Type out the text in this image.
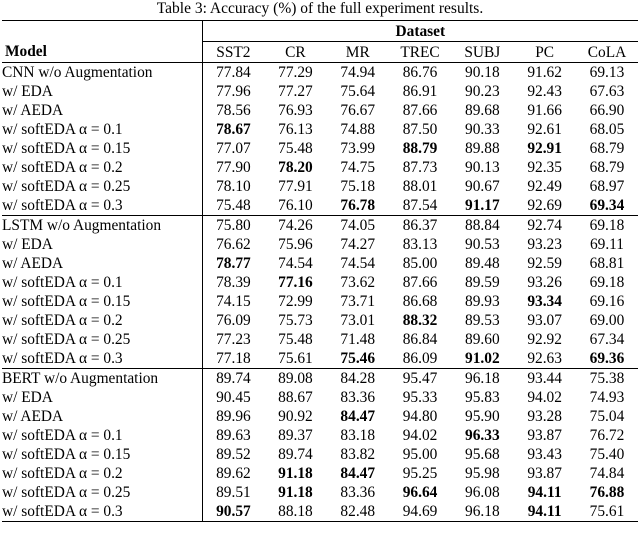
Table 3: Accuracy (%) of the full experiment results.
	Dataset						
Model	SST2	CR	MR	TREC	SUBJ	PC	CoLA
CNN w/o Augmentation	77.84	77.29	74.94	86.76	90.18	91.62	69.13
w/ EDA	77.96	77.27	75.64	86.91	90.23	92.43	67.63
w/ AEDA	78.56	76.93	76.67	87.66	89.68	91.66	66.90
w/ softEDA α = 0.1	78.67	76.13	74.88	87.50	90.33	92.61	68.05
w/ softEDA α = 0.15	77.07	75.48	73.99	88.79	89.88	92.91	68.79
w/ softEDA α = 0.2	77.90	78.20	74.75	87.73	90.13	92.35	68.79
w/ softEDA α = 0.25	78.10	77.91	75.18	88.01	90.67	92.49	68.97
w/ softEDA α = 0.3	75.48	76.10	76.78	87.54	91.17	92.69	69.34
LSTM w/o Augmentation	75.80	74.26	74.05	86.37	88.84	92.74	69.18
w/ EDA	76.62	75.96	74.27	83.13	90.53	93.23	69.11
w/ AEDA	78.77	74.54	74.54	85.00	89.48	92.59	68.81
w/ softEDA α = 0.1	78.39	77.16	73.62	87.66	89.59	93.26	69.18
w/ softEDA α = 0.15	74.15	72.99	73.71	86.68	89.93	93.34	69.16
w/ softEDA α = 0.2	76.09	75.73	73.01	88.32	89.53	93.07	69.00
w/ softEDA α = 0.25	77.23	75.48	71.48	86.84	89.60	92.92	67.34
w/ softEDA α = 0.3	77.18	75.61	75.46	86.09	91.02	92.63	69.36
BERT w/o Augmentation	89.74	89.08	84.28	95.47	96.18	93.44	75.38
w/ EDA	90.45	88.67	83.36	95.33	95.83	94.02	74.93
w/ AEDA	89.96	90.92	84.47	94.80	95.90	93.28	75.04
w/ softEDA α = 0.1	89.63	89.37	83.18	94.02	96.33	93.87	76.72
w/ softEDA α = 0.15	89.52	89.74	83.82	95.00	95.68	93.43	75.40
w/ softEDA α = 0.2	89.62	91.18	84.47	95.25	95.98	93.87	74.84
w/ softEDA α = 0.25	89.51	91.18	83.36	96.64	96.08	94.11	76.88
w/ softEDA α = 0.3	90.57	88.18	82.48	94.69	96.18	94.11	75.61
